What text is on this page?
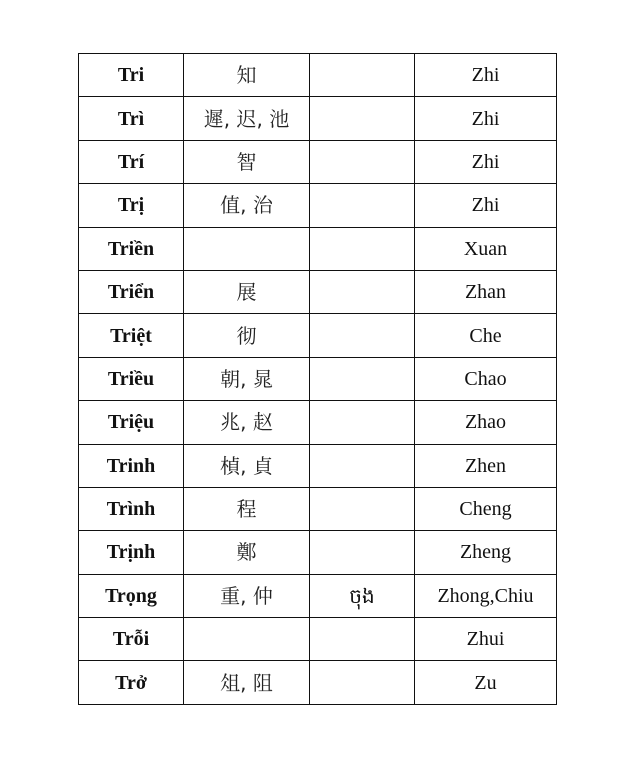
Tri	知		Zhi
Trì	遲, 迟, 池		Zhi
Trí	智		Zhi
Trị	值, 治		Zhi
Triền			Xuan
Triển	展		Zhan
Triệt	彻		Che
Triều	朝, 晁		Chao
Triệu	兆, 赵		Zhao
Trinh	楨, 貞		Zhen
Trình	程		Cheng
Trịnh	鄭		Zheng
Trọng	重, 仲	ចុង	Zhong,Chiu
Trỗi			Zhui
Trở	俎, 阻		Zu
